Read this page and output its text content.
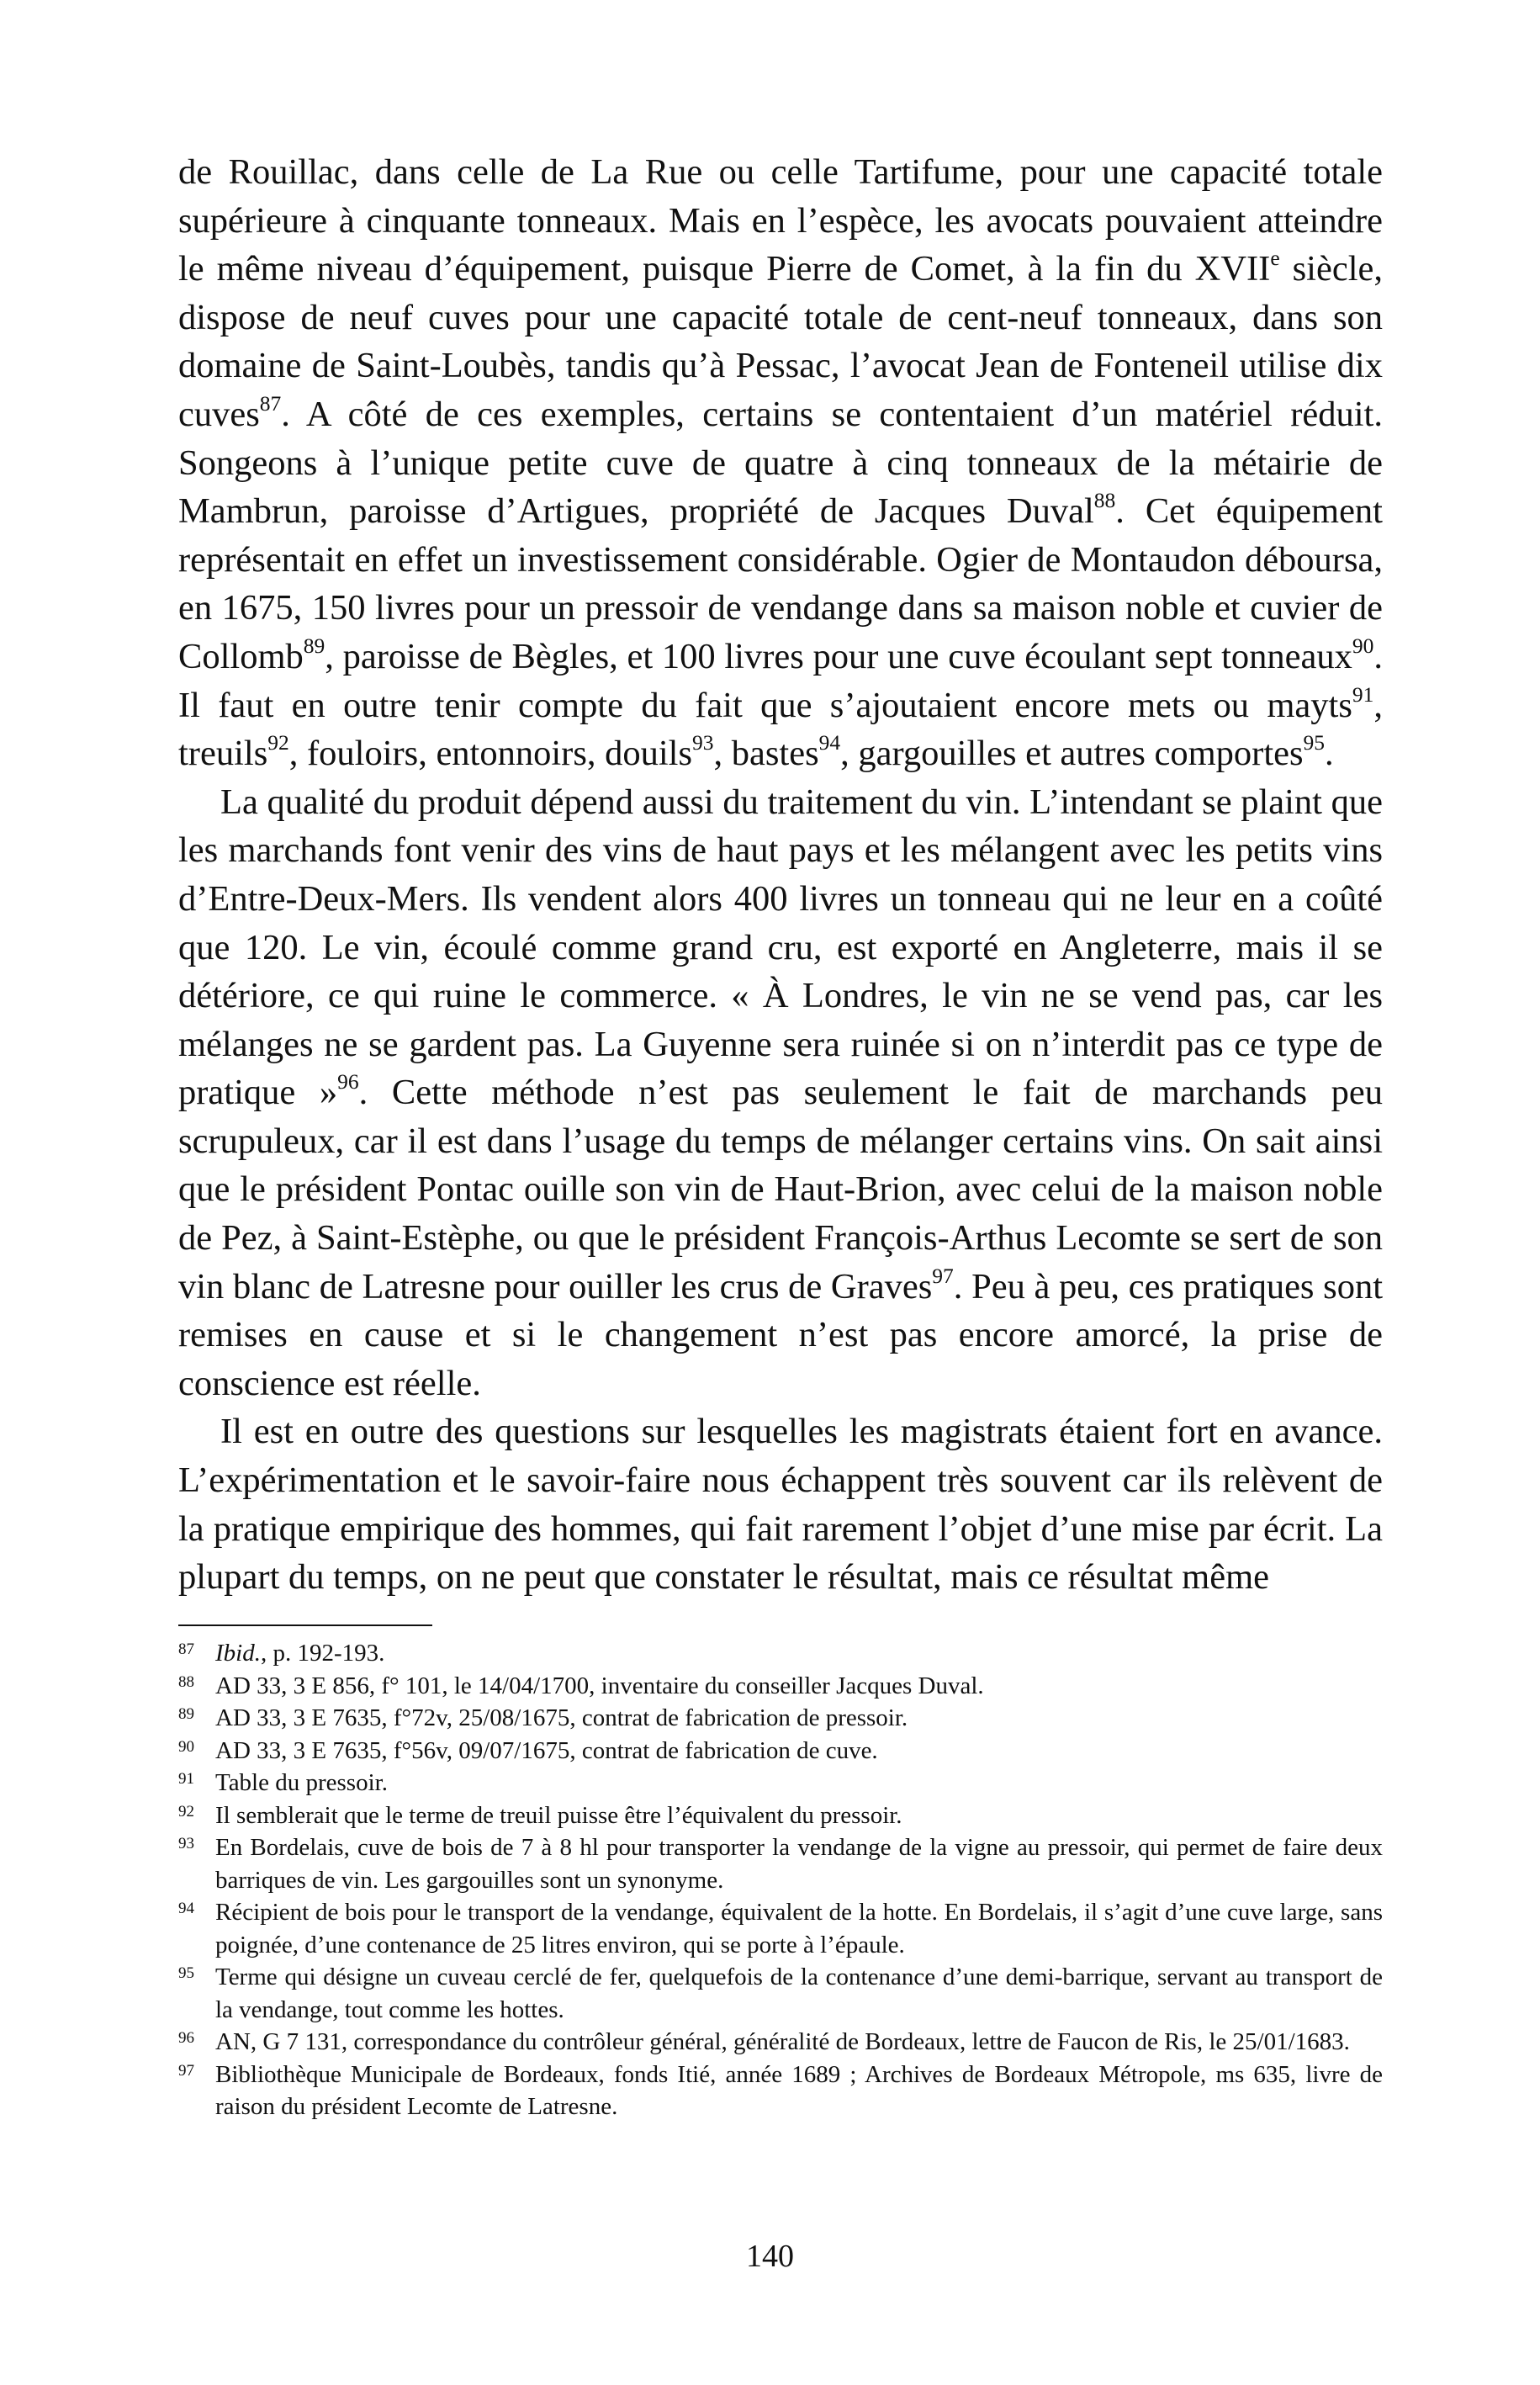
de Rouillac, dans celle de La Rue ou celle Tartifume, pour une capacité totale supérieure à cinquante tonneaux. Mais en l’espèce, les avocats pouvaient atteindre le même niveau d’équipement, puisque Pierre de Comet, à la fin du XVIIe siècle, dispose de neuf cuves pour une capacité totale de cent-neuf tonneaux, dans son domaine de Saint-Loubès, tandis qu’à Pessac, l’avocat Jean de Fonteneil utilise dix cuves$^{87}$. A côté de ces exemples, certains se contentaient d’un matériel réduit. Songeons à l’unique petite cuve de quatre à cinq tonneaux de la métairie de Mambrun, paroisse d’Artigues, propriété de Jacques Duval$^{88}$. Cet équipement représentait en effet un investissement considérable. Ogier de Montaudon déboursa, en 1675, 150 livres pour un pressoir de vendange dans sa maison noble et cuvier de Collomb$^{89}$, paroisse de Bègles, et 100 livres pour une cuve écoulant sept tonneaux$^{90}$. Il faut en outre tenir compte du fait que s’ajoutaient encore mets ou mayts$^{91}$, treuils$^{92}$, fouloirs, entonnoirs, douils$^{93}$, bastes$^{94}$, gargouilles et autres comportes$^{95}$.

La qualité du produit dépend aussi du traitement du vin. L’intendant se plaint que les marchands font venir des vins de haut pays et les mélangent avec les petits vins d’Entre-Deux-Mers. Ils vendent alors 400 livres un tonneau qui ne leur en a coûté que 120. Le vin, écoulé comme grand cru, est exporté en Angleterre, mais il se détériore, ce qui ruine le commerce. « À Londres, le vin ne se vend pas, car les mélanges ne se gardent pas. La Guyenne sera ruinée si on n’interdit pas ce type de pratique »$^{96}$. Cette méthode n’est pas seulement le fait de marchands peu scrupuleux, car il est dans l’usage du temps de mélanger certains vins. On sait ainsi que le président Pontac ouille son vin de Haut-Brion, avec celui de la maison noble de Pez, à Saint-Estèphe, ou que le président François-Arthus Lecomte se sert de son vin blanc de Latresne pour ouiller les crus de Graves$^{97}$. Peu à peu, ces pratiques sont remises en cause et si le changement n’est pas encore amorcé, la prise de conscience est réelle.

Il est en outre des questions sur lesquelles les magistrats étaient fort en avance. L’expérimentation et le savoir-faire nous échappent très souvent car ils relèvent de la pratique empirique des hommes, qui fait rarement l’objet d’une mise par écrit. La plupart du temps, on ne peut que constater le résultat, mais ce résultat même

87 Ibid., p. 192-193.

88 AD 33, 3 E 856, f° 101, le 14/04/1700, inventaire du conseiller Jacques Duval.

89 AD 33, 3 E 7635, f°72v, 25/08/1675, contrat de fabrication de pressoir.

90 AD 33, 3 E 7635, f°56v, 09/07/1675, contrat de fabrication de cuve.

91 Table du pressoir.

92 Il semblerait que le terme de treuil puisse être l’équivalent du pressoir.

93 En Bordelais, cuve de bois de 7 à 8 hl pour transporter la vendange de la vigne au pressoir, qui permet de faire deux barriques de vin. Les gargouilles sont un synonyme.

94 Récipient de bois pour le transport de la vendange, équivalent de la hotte. En Bordelais, il s’agit d’une cuve large, sans poignée, d’une contenance de 25 litres environ, qui se porte à l’épaule.

95 Terme qui désigne un cuveau cerclé de fer, quelquefois de la contenance d’une demi-barrique, servant au transport de la vendange, tout comme les hottes.

96 AN, G 7 131, correspondance du contrôleur général, généralité de Bordeaux, lettre de Faucon de Ris, le 25/01/1683.

97 Bibliothèque Municipale de Bordeaux, fonds Itié, année 1689 ; Archives de Bordeaux Métropole, ms 635, livre de raison du président Lecomte de Latresne.

140
